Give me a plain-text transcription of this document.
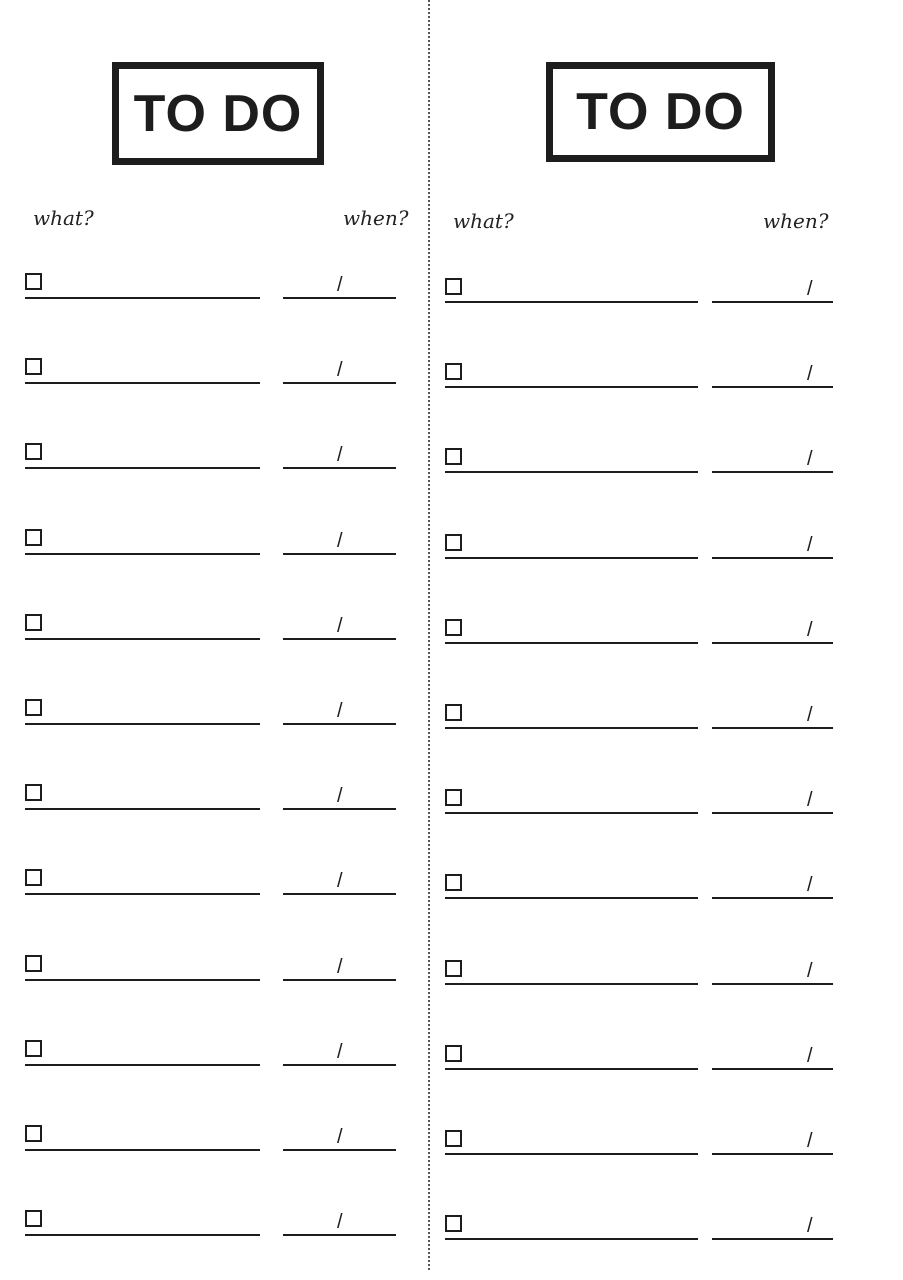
TO DO
what?	when?
/
/
/
/
/
/
/
/
/
/
/
/
TO DO
what?	when?
/
/
/
/
/
/
/
/
/
/
/
/
